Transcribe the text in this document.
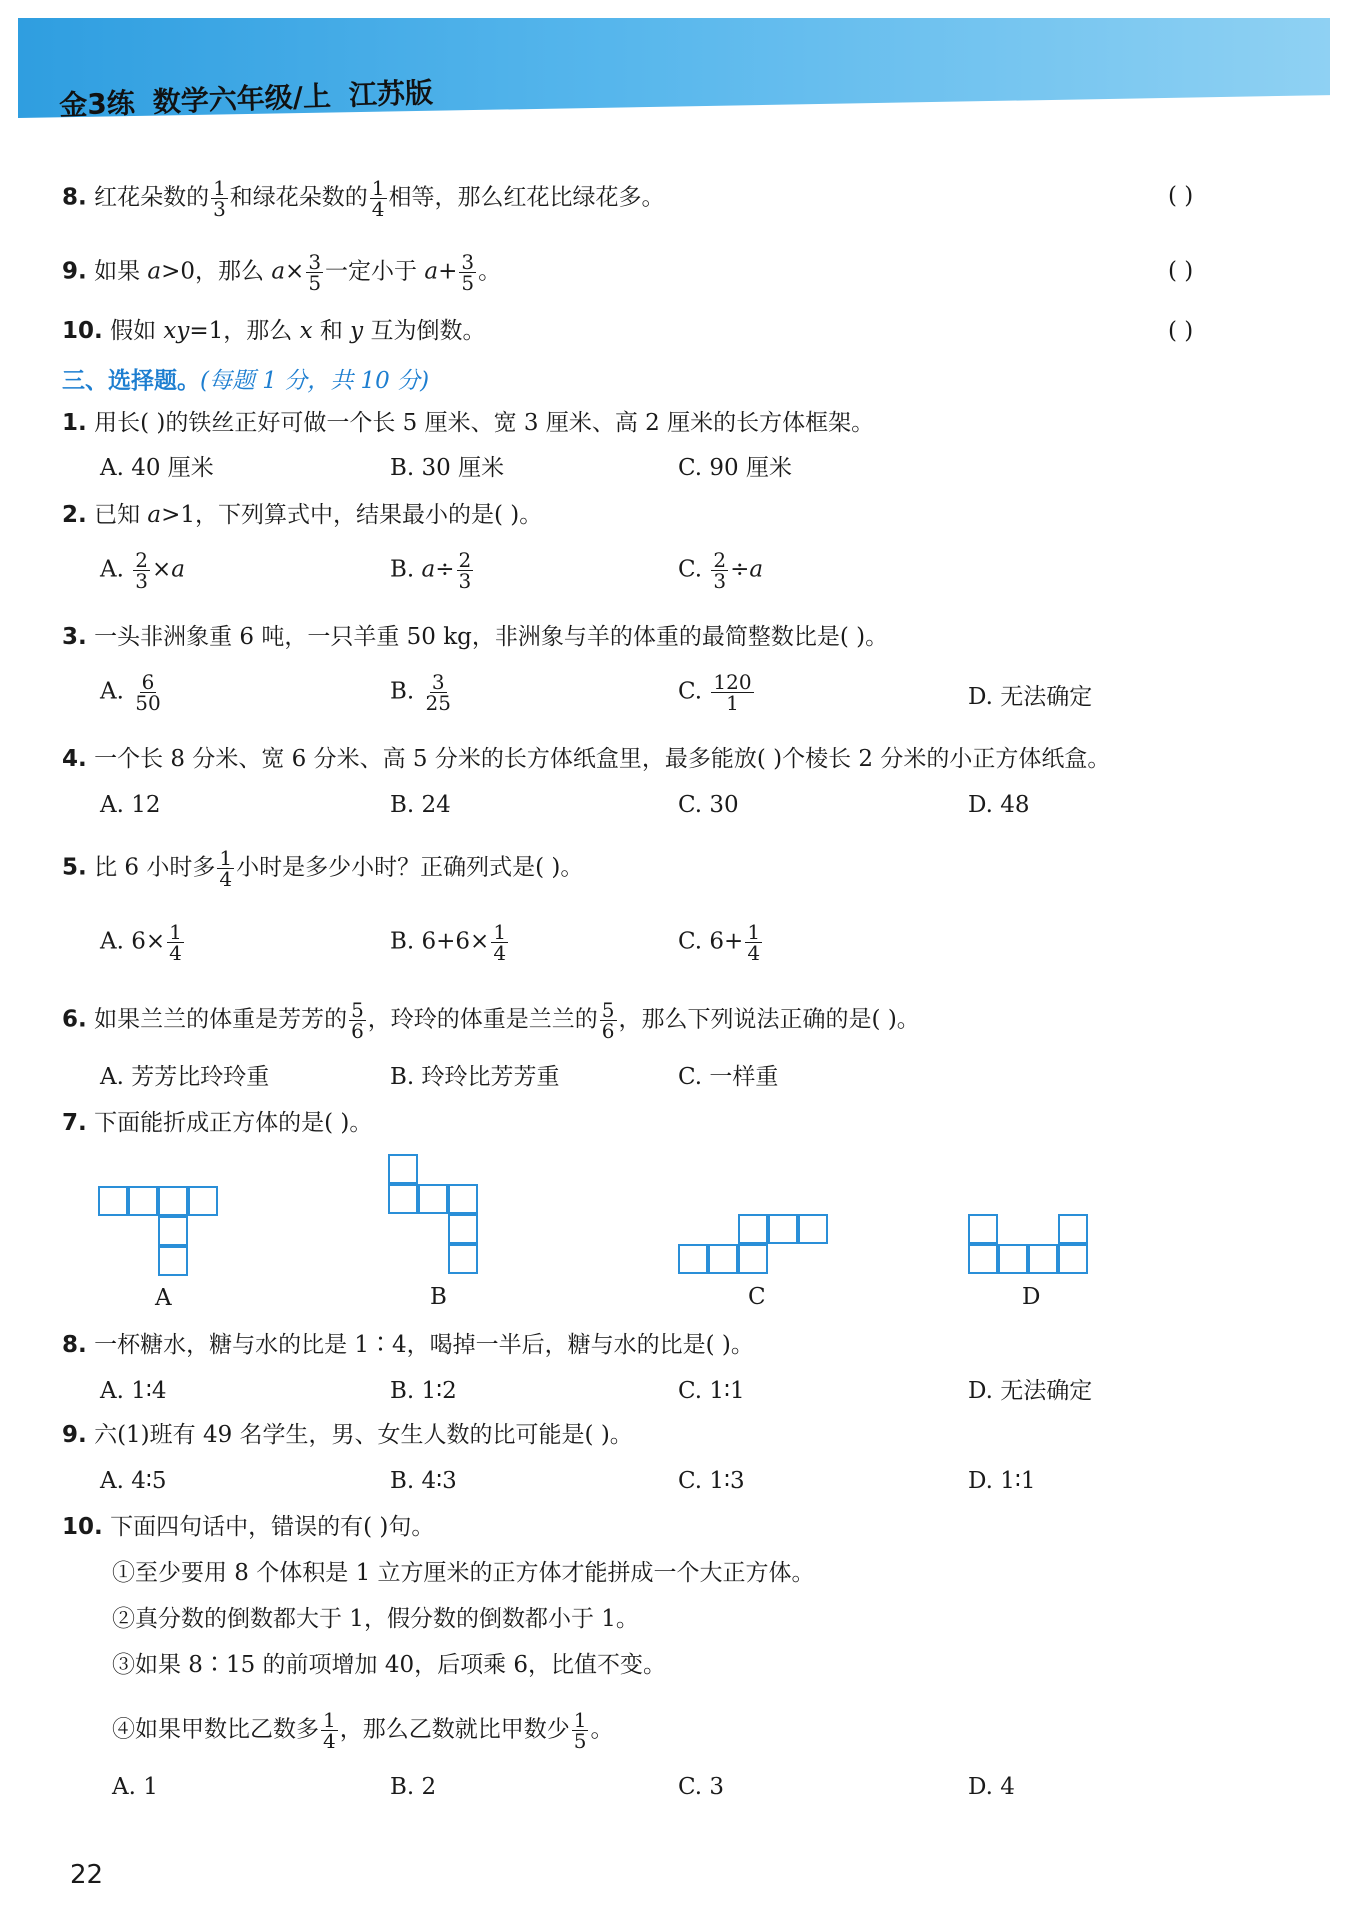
金3练 数学六年级/上 江苏版
8. 红花朵数的 $\frac{1}{3}$ 和绿花朵数的 $\frac{1}{4}$ 相等，那么红花比绿花多。	( )
9. 如果 a>0，那么 $a\times \frac{3}{5}$ 一定小于 $a+ \frac{3}{5}$ 。	( )
10. 假如 xy=1，那么 x 和 y 互为倒数。	( )
三、选择题。(每题 1 分，共 10 分)
1. 用长( )的铁丝正好可做一个长 5 厘米、宽 3 厘米、高 2 厘米的长方体框架。
A. 40 厘米	B. 30 厘米	C. 90 厘米
2. 已知 a>1，下列算式中，结果最小的是( )。
A. $\frac{2}{3} \times a$	B. $a\div \frac{2}{3}$	C. $\frac{2}{3} \div a$
3. 一头非洲象重 6 吨，一只羊重 50 kg，非洲象与羊的体重的最简整数比是( )。
A. $\frac{6}{50}$	B. $\frac{3}{25}$	C. $\frac{120}{1}$	D. 无法确定
4. 一个长 8 分米、宽 6 分米、高 5 分米的长方体纸盒里，最多能放( )个棱长 2 分米的小正方体纸盒。
A. 12	B. 24	C. 30	D. 48
5. 比 6 小时多 $\frac{1}{4}$ 小时是多少小时？正确列式是( )。
A. $6\times \frac{1}{4}$	B. $6+6\times \frac{1}{4}$	C. $6+ \frac{1}{4}$
6. 如果兰兰的体重是芳芳的 $\frac{5}{6}$ ，玲玲的体重是兰兰的 $\frac{5}{6}$ ，那么下列说法正确的是( )。
A. 芳芳比玲玲重	B. 玲玲比芳芳重	C. 一样重
7. 下面能折成正方体的是( )。
A	B	C	D
8. 一杯糖水，糖与水的比是 1∶4，喝掉一半后，糖与水的比是( )。
A. 1∶4	B. 1∶2	C. 1∶1	D. 无法确定
9. 六(1)班有 49 名学生，男、女生人数的比可能是( )。
A. 4∶5	B. 4∶3	C. 1∶3	D. 1∶1
10. 下面四句话中，错误的有( )句。
①至少要用 8 个体积是 1 立方厘米的正方体才能拼成一个大正方体。
②真分数的倒数都大于 1，假分数的倒数都小于 1。
③如果 8∶15 的前项增加 40，后项乘 6，比值不变。
④如果甲数比乙数多 $\frac{1}{4}$ ，那么乙数就比甲数少 $\frac{1}{5}$ 。
A. 1	B. 2	C. 3	D. 4
22
